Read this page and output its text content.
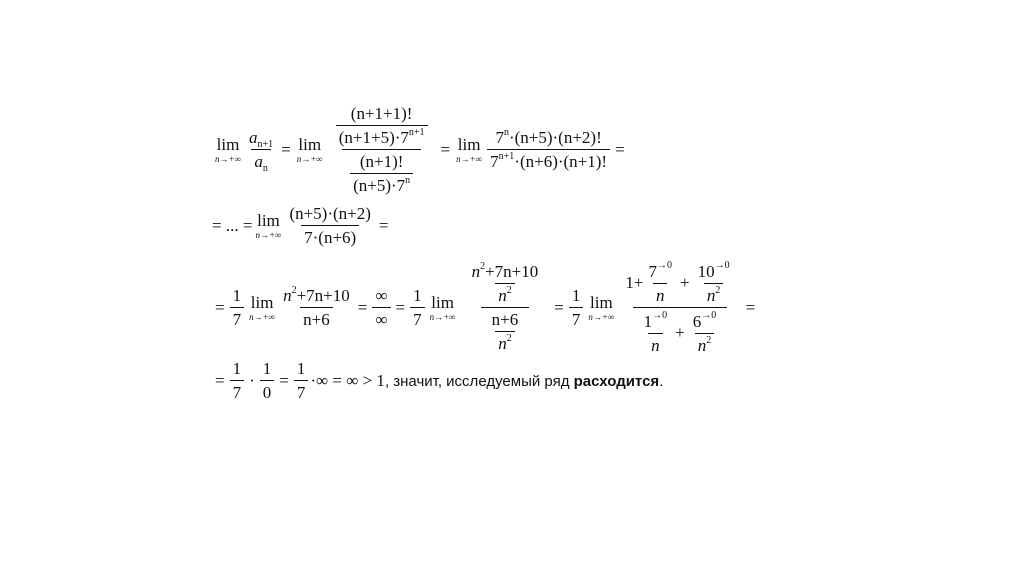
lim
$n\to+\infty \frac{a_{n+1}}{a_n} = \lim$
$n\to+\infty \frac{\frac{(n+1+1)!}{(n+1+5)\cdot 7^{n+1}}}{\frac{(n+1)!}{(n+5)\cdot 7^n}} = \lim$
$n\to+\infty \frac{7^n\cdot(n+5)\cdot(n+2)!}{7^{n+1}\cdot(n+6)\cdot(n+1)!}$ =
= ... = lim
$n\to+\infty \frac{(n+5)\cdot(n+2)}{7\cdot(n+6)}$ =
= $\frac{1}{7}$ lim
$n\to+\infty \frac{n^2+7n+10}{n+6} = \frac{\infty}{\infty} = \frac{1}{7}$ lim
$n\to+\infty \frac{\frac{n^2+7n+10}{n^2}}{\frac{n+6}{n^2}} = \frac{1}{7}$ lim
$n\to+\infty \frac{1+ \frac{7^{\to 0}}{n} + \frac{10^{\to 0}}{n^2}}{\frac{1^{\to 0}}{n} + \frac{6^{\to 0}}{n^2}}$ =
= $\frac{1}{7} \cdot \frac{1}{0} = \frac{1}{7}$ ·∞ = ∞ > 1 , значит, исследуемый ряд расходится.
